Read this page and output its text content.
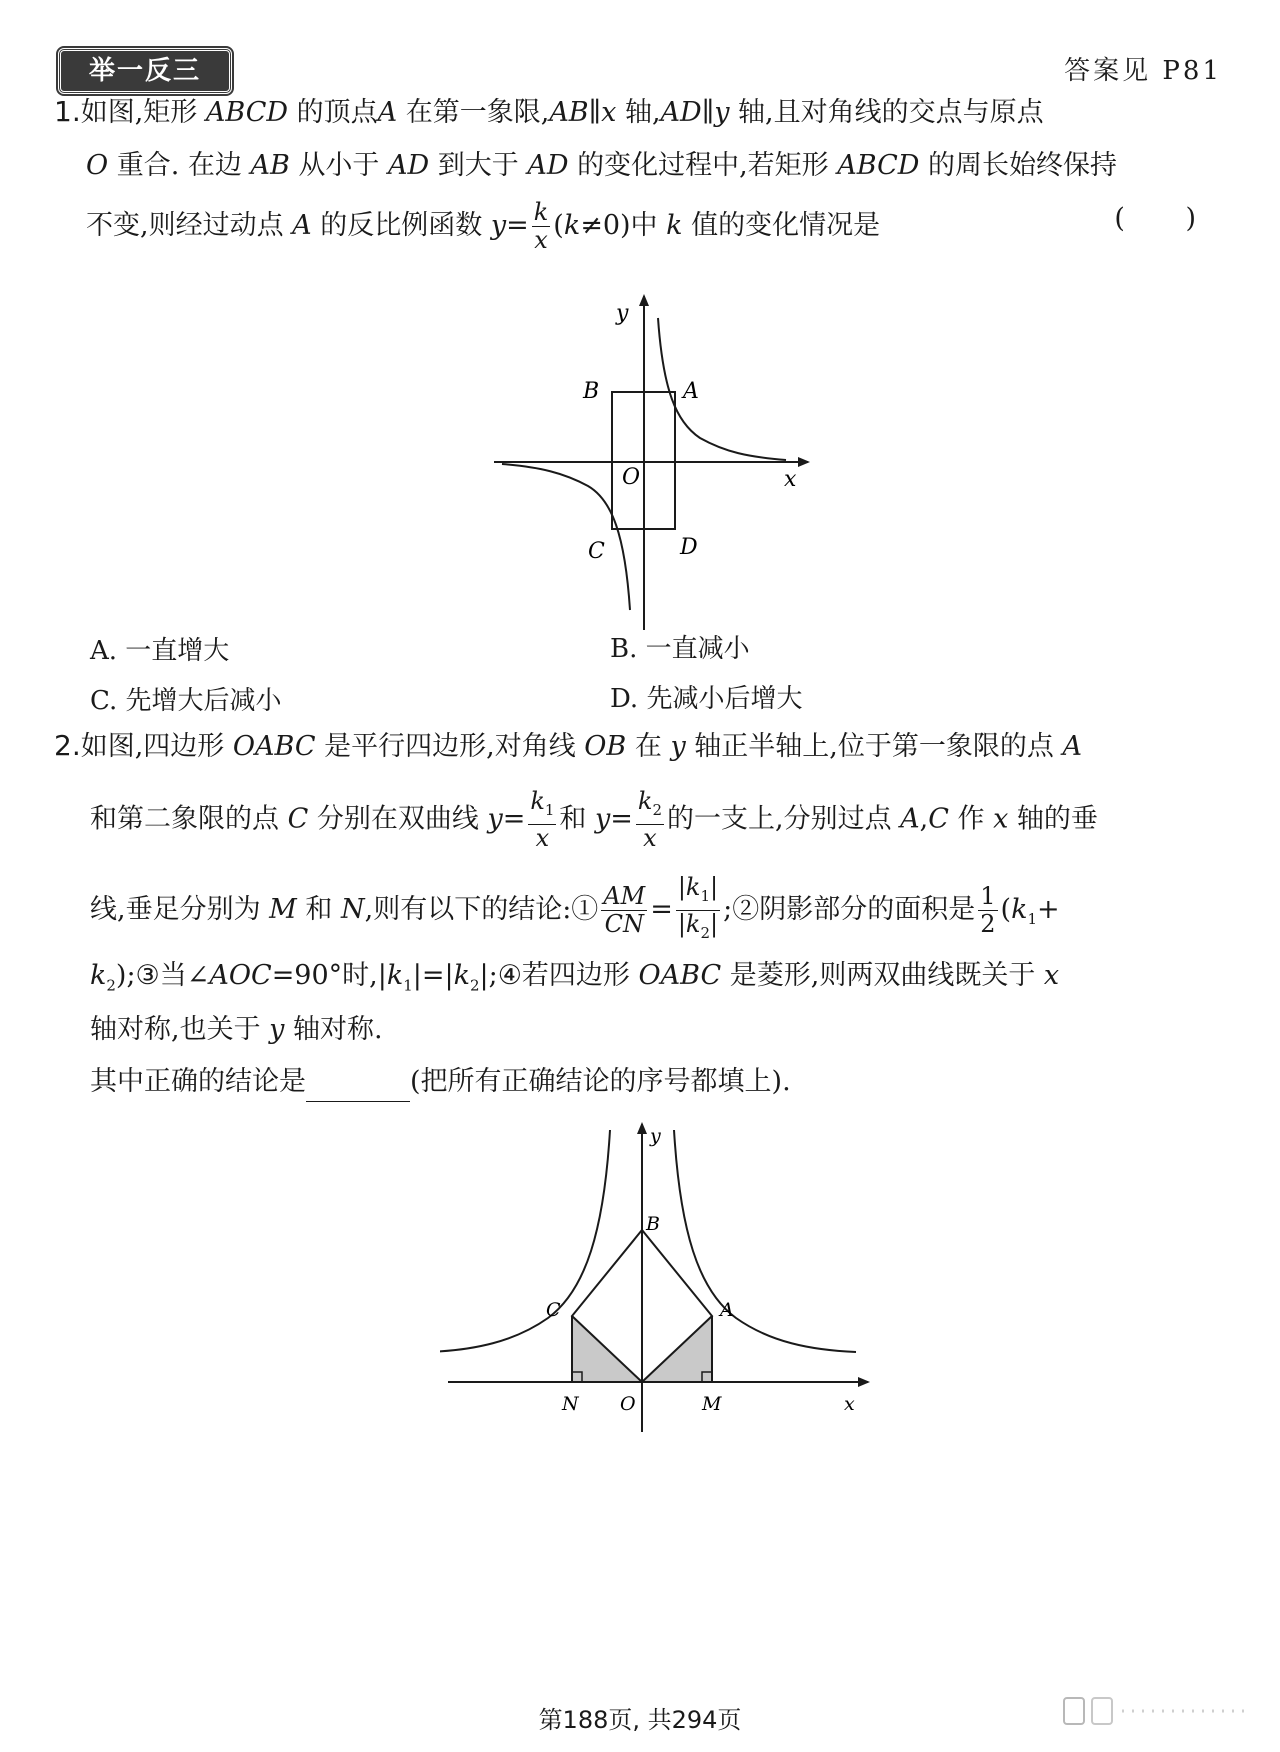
举一反三	答案见 P81
1.如图,矩形 ABCD 的顶点A 在第一象限,AB∥x 轴,AD∥y 轴,且对角线的交点与原点
O 重合. 在边 AB 从小于 AD 到大于 AD 的变化过程中,若矩形 ABCD 的周长始终保持
不变,则经过动点 A 的反比例函数 $y= \frac{k}{x} (k\ne 0)$中 k 值的变化情况是	( )
y
x
B	A
O
C	D
A. 一直增大	B. 一直减小
C. 先增大后减小	D. 先减小后增大
2.如图,四边形 OABC 是平行四边形,对角线 OB 在 y 轴正半轴上,位于第一象限的点 A
和第二象限的点 C 分别在双曲线 $y= \frac{k_1}{x}$ 和 $y= \frac{k_2}{x}$ 的一支上,分别过点 A,C 作 x 轴的垂
线,垂足分别为 M 和 N,则有以下的结论:① $\frac{AM}{CN} = \frac{|k_1|}{|k_2|}$ ;②阴影部分的面积是 $\frac{1}{2} (k_1+$
$k_2);③$当∠AOC=90°时$,|k_1|=|k_2|;④$若四边形 OABC 是菱形,则两双曲线既关于 x
轴对称,也关于 y 轴对称.
其中正确的结论是	(把所有正确结论的序号都填上).
y
B
C	A
N O	M	x
第188页, 共294页
